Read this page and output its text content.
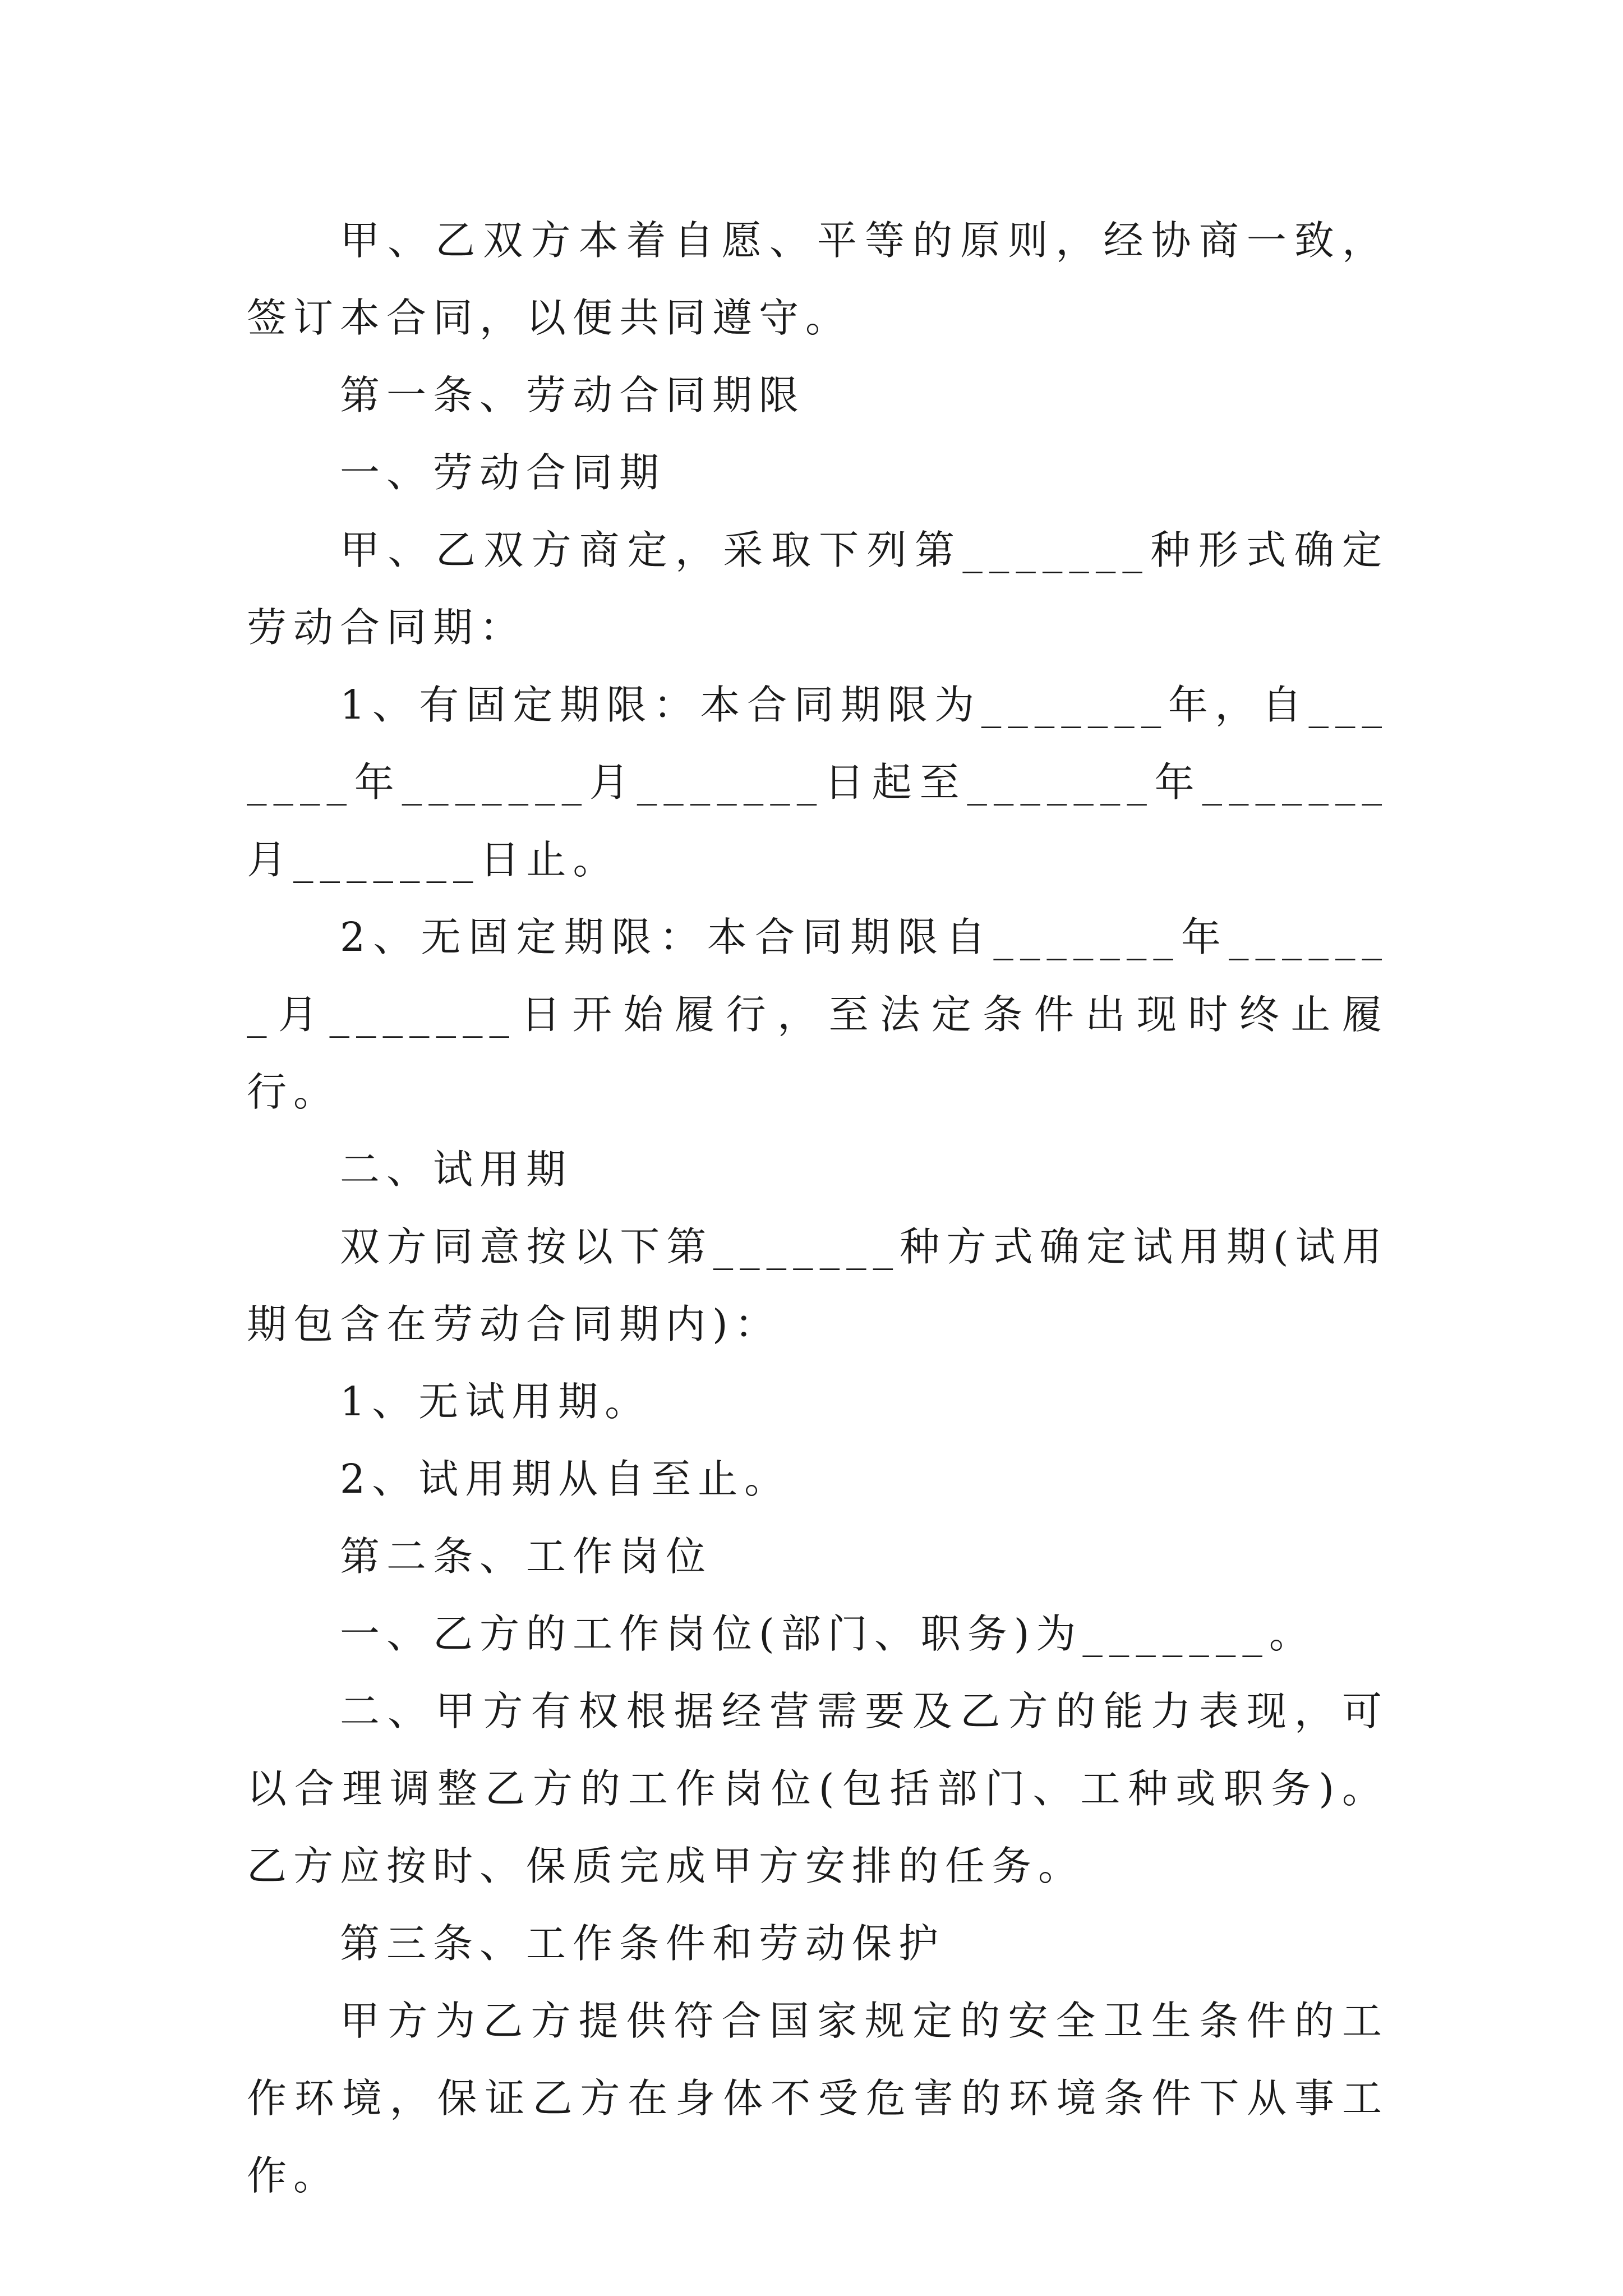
甲、乙双方本着自愿、平等的原则，经协商一致，签订本合同，以便共同遵守。

第一条、劳动合同期限

一、劳动合同期

甲、乙双方商定，采取下列第_______种形式确定劳动合同期：

1、有固定期限：本合同期限为_______年，自_______年_______月_______日起至_______年_______月_______日止。

2、无固定期限：本合同期限自_______年_______月_______日开始履行，至法定条件出现时终止履行。

二、试用期

双方同意按以下第_______种方式确定试用期(试用期包含在劳动合同期内)：

1、无试用期。

2、试用期从自至止。

第二条、工作岗位

一、乙方的工作岗位(部门、职务)为_______。

二、甲方有权根据经营需要及乙方的能力表现，可以合理调整乙方的工作岗位(包括部门、工种或职务)。乙方应按时、保质完成甲方安排的任务。

第三条、工作条件和劳动保护

甲方为乙方提供符合国家规定的安全卫生条件的工作环境，保证乙方在身体不受危害的环境条件下从事工作。
